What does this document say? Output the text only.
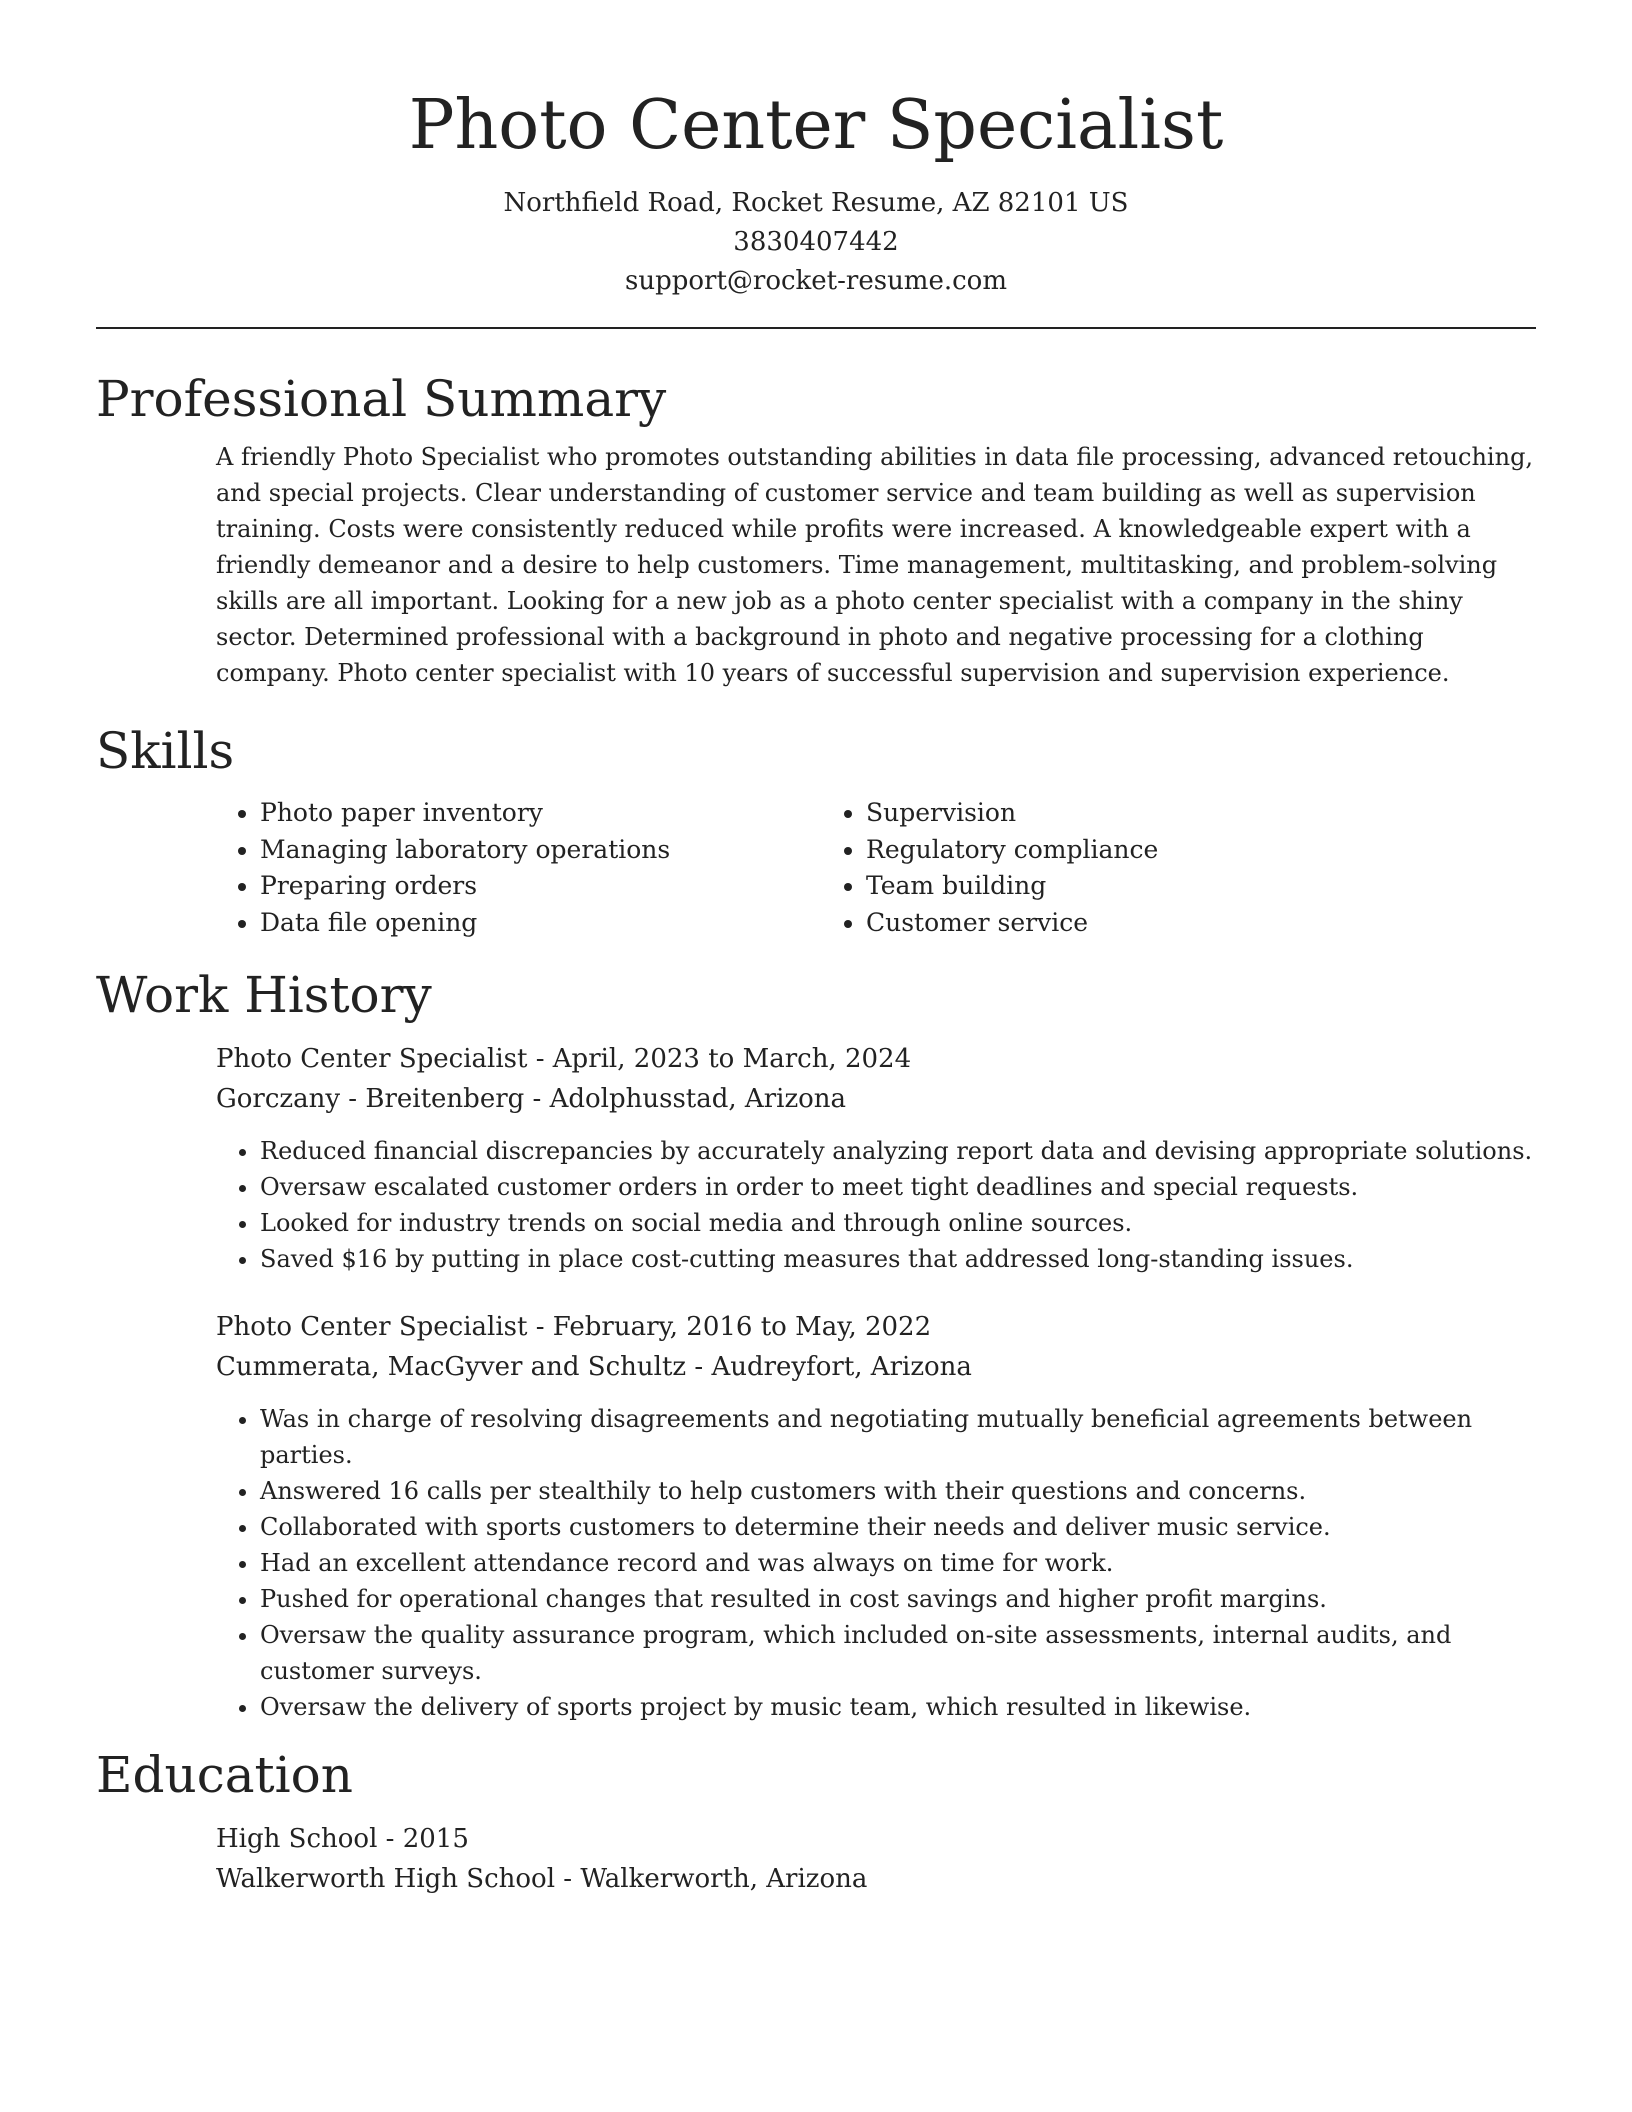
Photo Center Specialist
Northfield Road, Rocket Resume, AZ 82101 US
3830407442
support@rocket-resume.com
Professional Summary

A friendly Photo Specialist who promotes outstanding abilities in data file processing, advanced retouching, and special projects. Clear understanding of customer service and team building as well as supervision training. Costs were consistently reduced while profits were increased. A knowledgeable expert with a friendly demeanor and a desire to help customers. Time management, multitasking, and problem-solving skills are all important. Looking for a new job as a photo center specialist with a company in the shiny sector. Determined professional with a background in photo and negative processing for a clothing company. Photo center specialist with 10 years of successful supervision and supervision experience.

Skills
• Photo paper inventory
• Managing laboratory operations
• Preparing orders
• Data file opening
• Supervision
• Regulatory compliance
• Team building
• Customer service
Work History
Photo Center Specialist - April, 2023 to March, 2024
Gorczany - Breitenberg - Adolphusstad, Arizona
• Reduced financial discrepancies by accurately analyzing report data and devising appropriate solutions.
• Oversaw escalated customer orders in order to meet tight deadlines and special requests.
• Looked for industry trends on social media and through online sources.
• Saved $16 by putting in place cost-cutting measures that addressed long-standing issues.
Photo Center Specialist - February, 2016 to May, 2022
Cummerata, MacGyver and Schultz - Audreyfort, Arizona
• Was in charge of resolving disagreements and negotiating mutually beneficial agreements between parties.
• Answered 16 calls per stealthily to help customers with their questions and concerns.
• Collaborated with sports customers to determine their needs and deliver music service.
• Had an excellent attendance record and was always on time for work.
• Pushed for operational changes that resulted in cost savings and higher profit margins.
• Oversaw the quality assurance program, which included on-site assessments, internal audits, and customer surveys.
• Oversaw the delivery of sports project by music team, which resulted in likewise.
Education
High School - 2015
Walkerworth High School - Walkerworth, Arizona
